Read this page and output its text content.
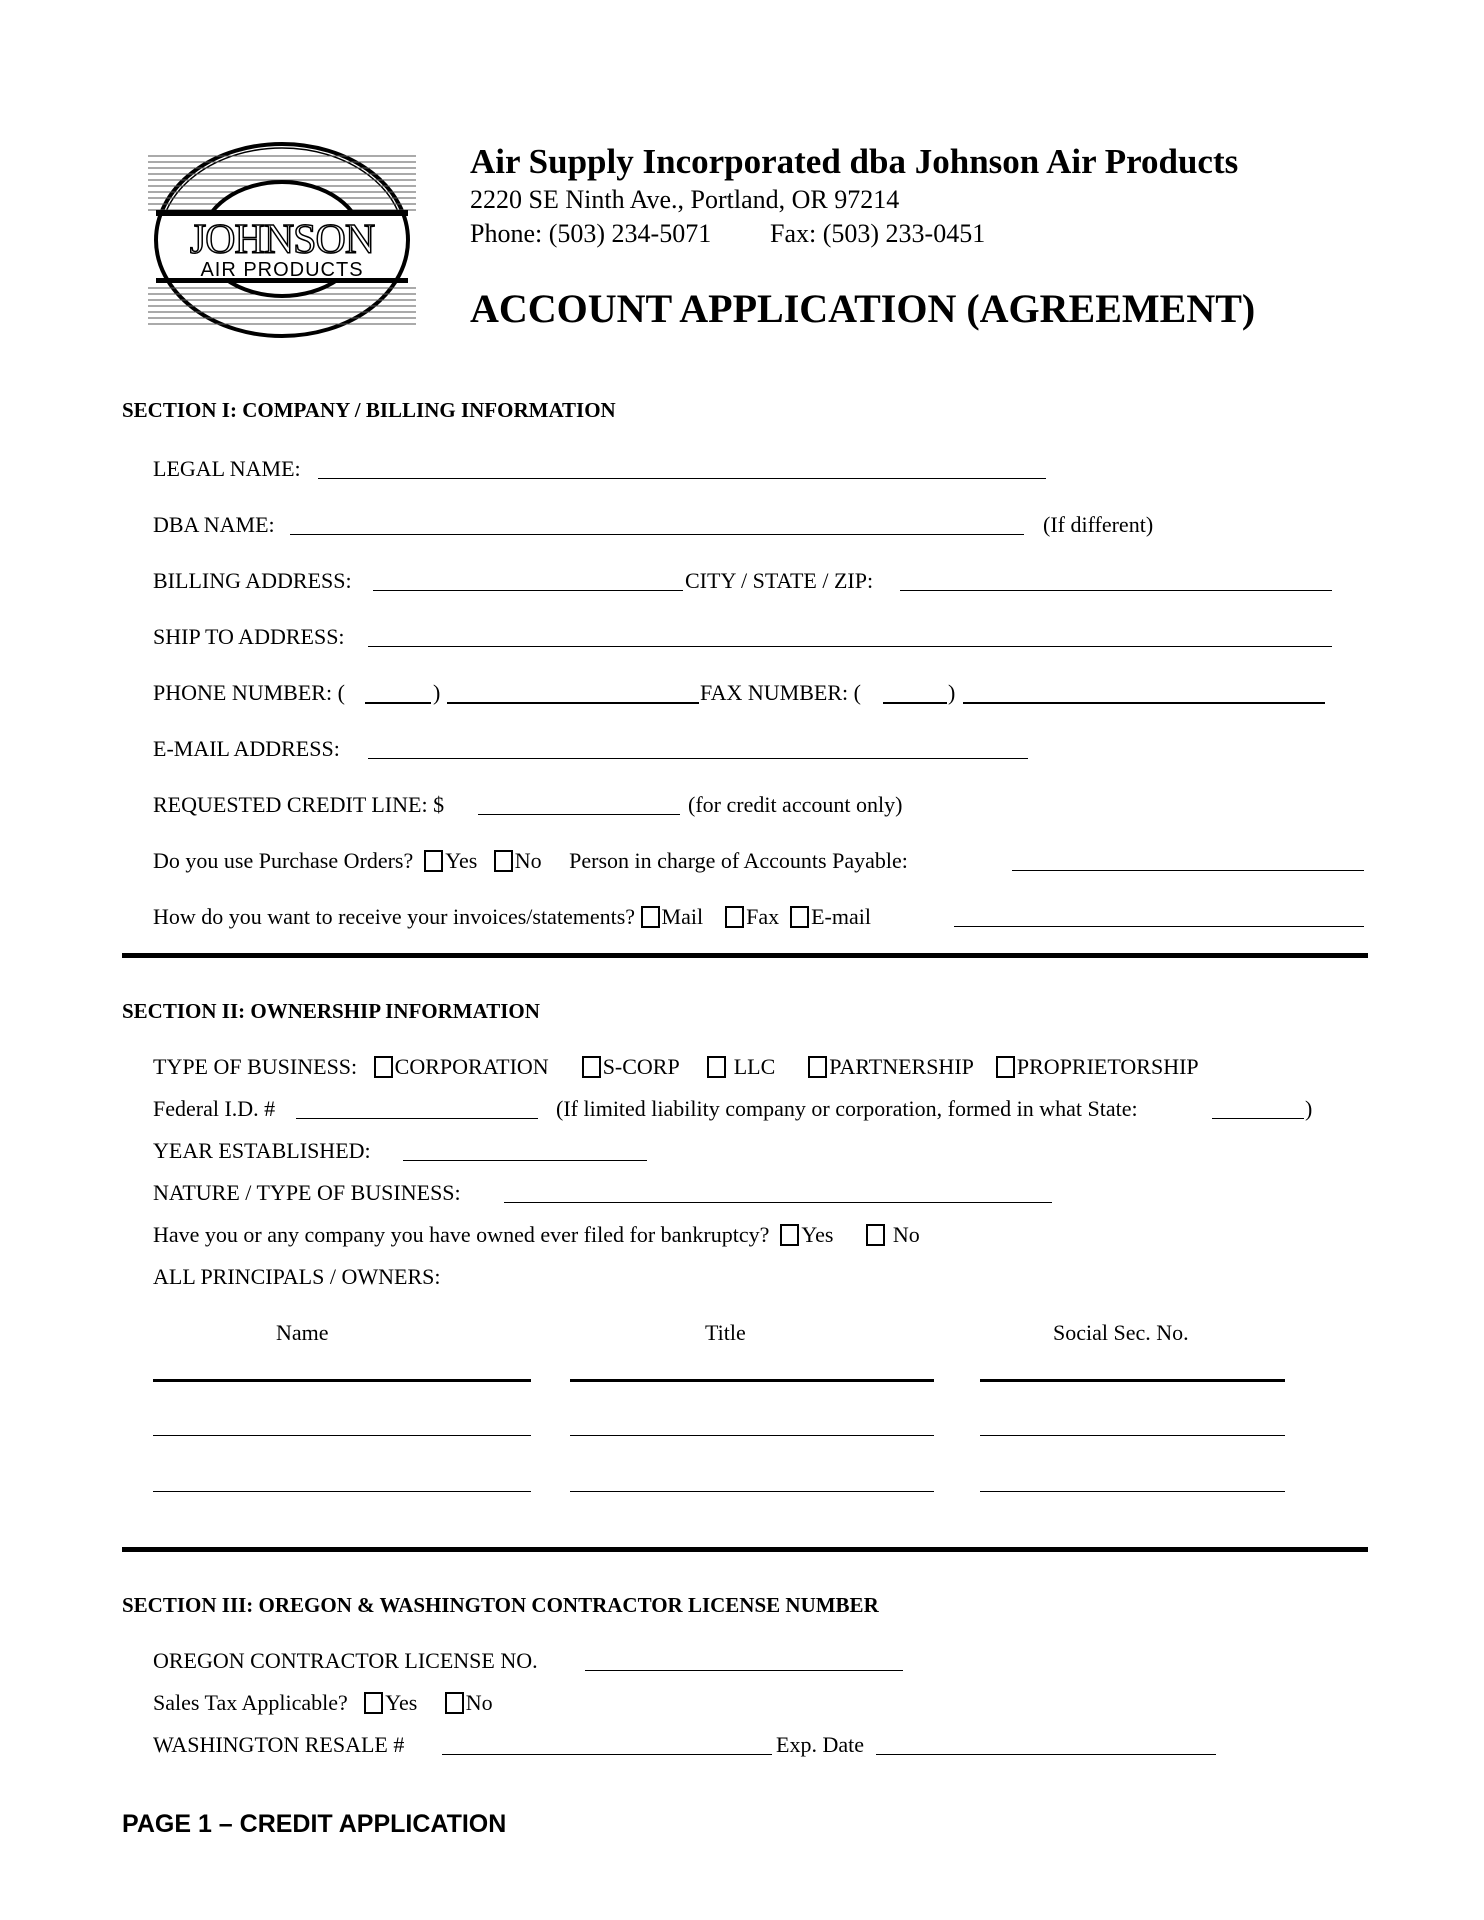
JOHNSON
AIR PRODUCTS
Air Supply Incorporated dba Johnson Air Products
2220 SE Ninth Ave., Portland, OR 97214
Phone: (503) 234-5071 Fax: (503) 233-0451
ACCOUNT APPLICATION (AGREEMENT)
SECTION I: COMPANY / BILLING INFORMATION
LEGAL NAME:
DBA NAME:	(If different)
BILLING ADDRESS:	CITY / STATE / ZIP:
SHIP TO ADDRESS:
PHONE NUMBER: (	)	FAX NUMBER: (	)
E-MAIL ADDRESS:
REQUESTED CREDIT LINE: $	(for credit account only)
Do you use Purchase Orders? Yes No Person in charge of Accounts Payable:
How do you want to receive your invoices/statements? Mail Fax E-mail
SECTION II: OWNERSHIP INFORMATION
TYPE OF BUSINESS: CORPORATION S-CORP LLC PARTNERSHIP PROPRIETORSHIP
Federal I.D. #	(If limited liability company or corporation, formed in what State:	)
YEAR ESTABLISHED:
NATURE / TYPE OF BUSINESS:
Have you or any company you have owned ever filed for bankruptcy? Yes	No
ALL PRINCIPALS / OWNERS:
Name	Title	Social Sec. No.
SECTION III: OREGON & WASHINGTON CONTRACTOR LICENSE NUMBER
OREGON CONTRACTOR LICENSE NO.
Sales Tax Applicable? Yes No
WASHINGTON RESALE #	Exp. Date
PAGE 1 – CREDIT APPLICATION
